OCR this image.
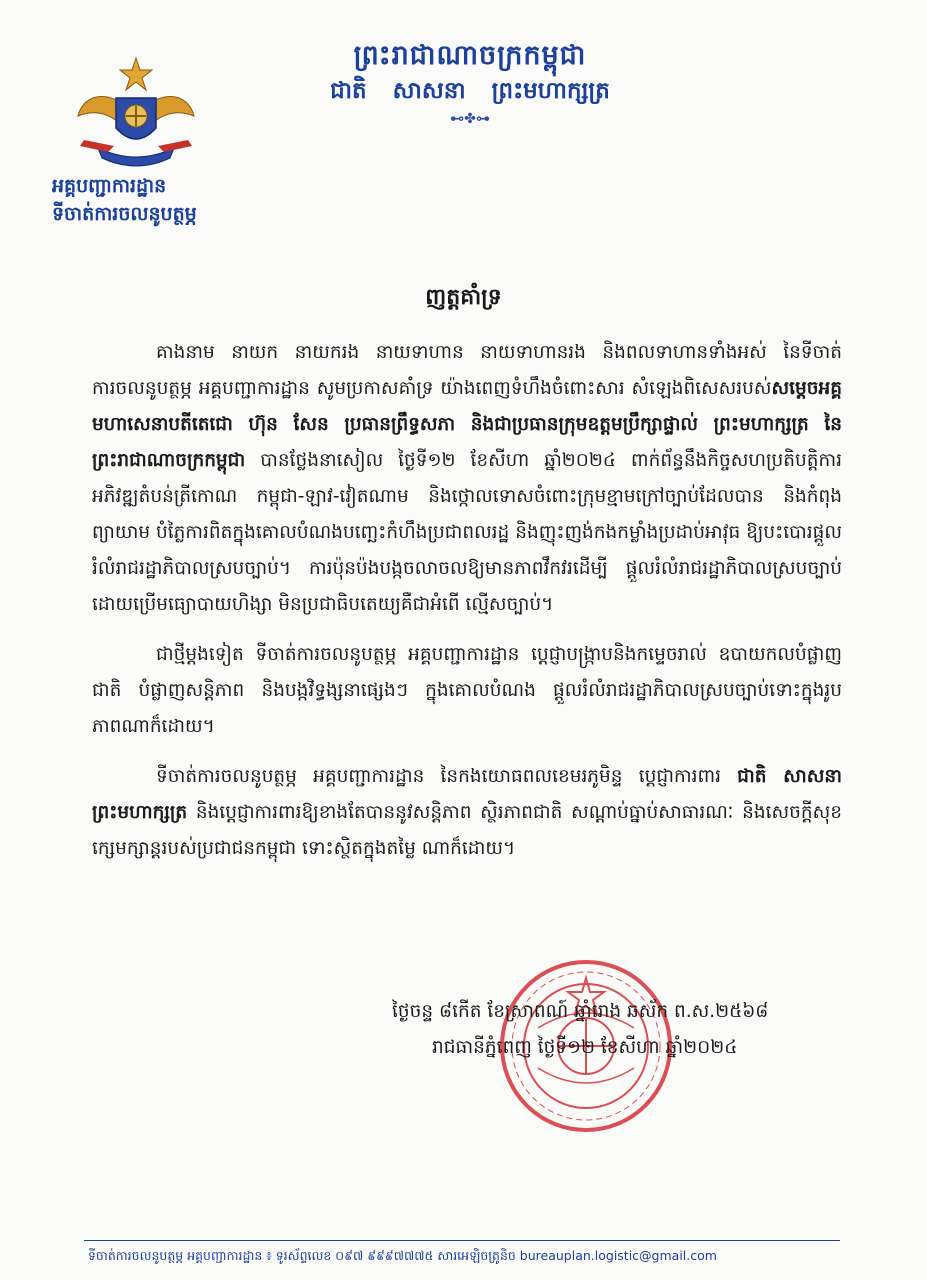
ព្រះរាជាណាចក្រកម្ពុជា
ជាតិ សាសនា ព្រះមហាក្សត្រ
⊷✤⊶
អគ្គបញ្ជាការដ្ឋាន
ទីចាត់ការចលនូបត្ថម្ភ
ញត្តគាំទ្រ

គាងនាម នាយក នាយករង នាយទាហាន នាយទាហានរង និងពលទាហានទាំងអស់ នៃទីចាត់ការចលនូបត្ថម្ភ អគ្គបញ្ជាការដ្ឋាន សូមប្រកាសគាំទ្រ យ៉ាងពេញទំហឹងចំពោះសារ សំឡេងពិសេសរបស់សម្ដេចអគ្គមហាសេនាបតីតេជោ ហ៊ុន សែន ប្រធានព្រឹទ្ធសភា និងជាប្រធានក្រុមឧត្តមប្រឹក្សាផ្ទាល់ ព្រះមហាក្សត្រ នៃព្រះរាជាណាចក្រកម្ពុជា បានថ្លែងនាសៀល ថ្ងៃទី១២ ខែសីហា ឆ្នាំ២០២៤ ពាក់ព័ន្ធនឹងកិច្ចសហប្រតិបត្តិការអភិវឌ្ឍតំបន់ត្រីកោណ កម្ពុជា-ឡាវ-វៀតណាម និងថ្កោលទោសចំពោះក្រុមខ្មាមក្រៅច្បាប់ដែលបាន និងកំពុងព្យាយាម បំភ្លៃការពិតក្នុងគោលបំណងបញ្ឆេះកំហឹងប្រជាពលរដ្ឋ និងញុះញង់កងកម្លាំងប្រដាប់អាវុធ ឱ្យបះបោរផ្ដួលរំលំរាជរដ្ឋាភិបាលស្របច្បាប់។ ការប៉ុនប៉ងបង្កចលាចលឱ្យមានភាពវឹកវរដើម្បី ផ្ដួលរំលំរាជរដ្ឋាភិបាលស្របច្បាប់ដោយប្រើមធ្យោបាយហិង្សា មិនប្រជាធិបតេយ្យគឺជាអំពើ ល្មើសច្បាប់។

ជាថ្មីម្ដងទៀត ទីចាត់ការចលនូបត្ថម្ភ អគ្គបញ្ជាការដ្ឋាន ប្ដេជ្ញាបង្ក្រាបនិងកម្ទេចរាល់ ឧបាយកលបំផ្លាញជាតិ បំផ្លាញសន្តិភាព និងបង្កវិទ្ធង្សនាផ្សេងៗ ក្នុងគោលបំណង ផ្ដួលរំលំរាជរដ្ឋាភិបាលស្របច្បាប់ទោះក្នុងរូបភាពណាក៏ដោយ។

ទីចាត់ការចលនូបត្ថម្ភ អគ្គបញ្ជាការដ្ឋាន នៃកងយោធពលខេមរភូមិន្ទ ប្ដេជ្ញាការពារ ជាតិ សាសនា ព្រះមហាក្សត្រ និងប្ដេជ្ញាការពារឱ្យខាងតែបាននូវសន្តិភាព ស្ថិរភាពជាតិ សណ្ដាប់ធ្នាប់សាធារណៈ និងសេចក្ដីសុខក្សេមក្សាន្តរបស់ប្រជាជនកម្ពុជា ទោះស្ថិតក្នុងតម្លៃ ណាក៏ដោយ។

ថ្ងៃចន្ទ ៨កើត ខែស្រាពណ៍ ឆ្នាំរោង ឆស័ក ព.ស.២៥៦៨
រាជធានីភ្នំពេញ ថ្ងៃទី១២ ខែសីហា ឆ្នាំ២០២៤
ទីចាត់ការចលនូបត្ថម្ភ អគ្គបញ្ជាការដ្ឋាន ៖ ទូរស័ព្ទលេខ ០៩៧ ៩៩៩៧៧៧៥ សារអេឡិចត្រូនិច bureauplan.logistic@gmail.com
